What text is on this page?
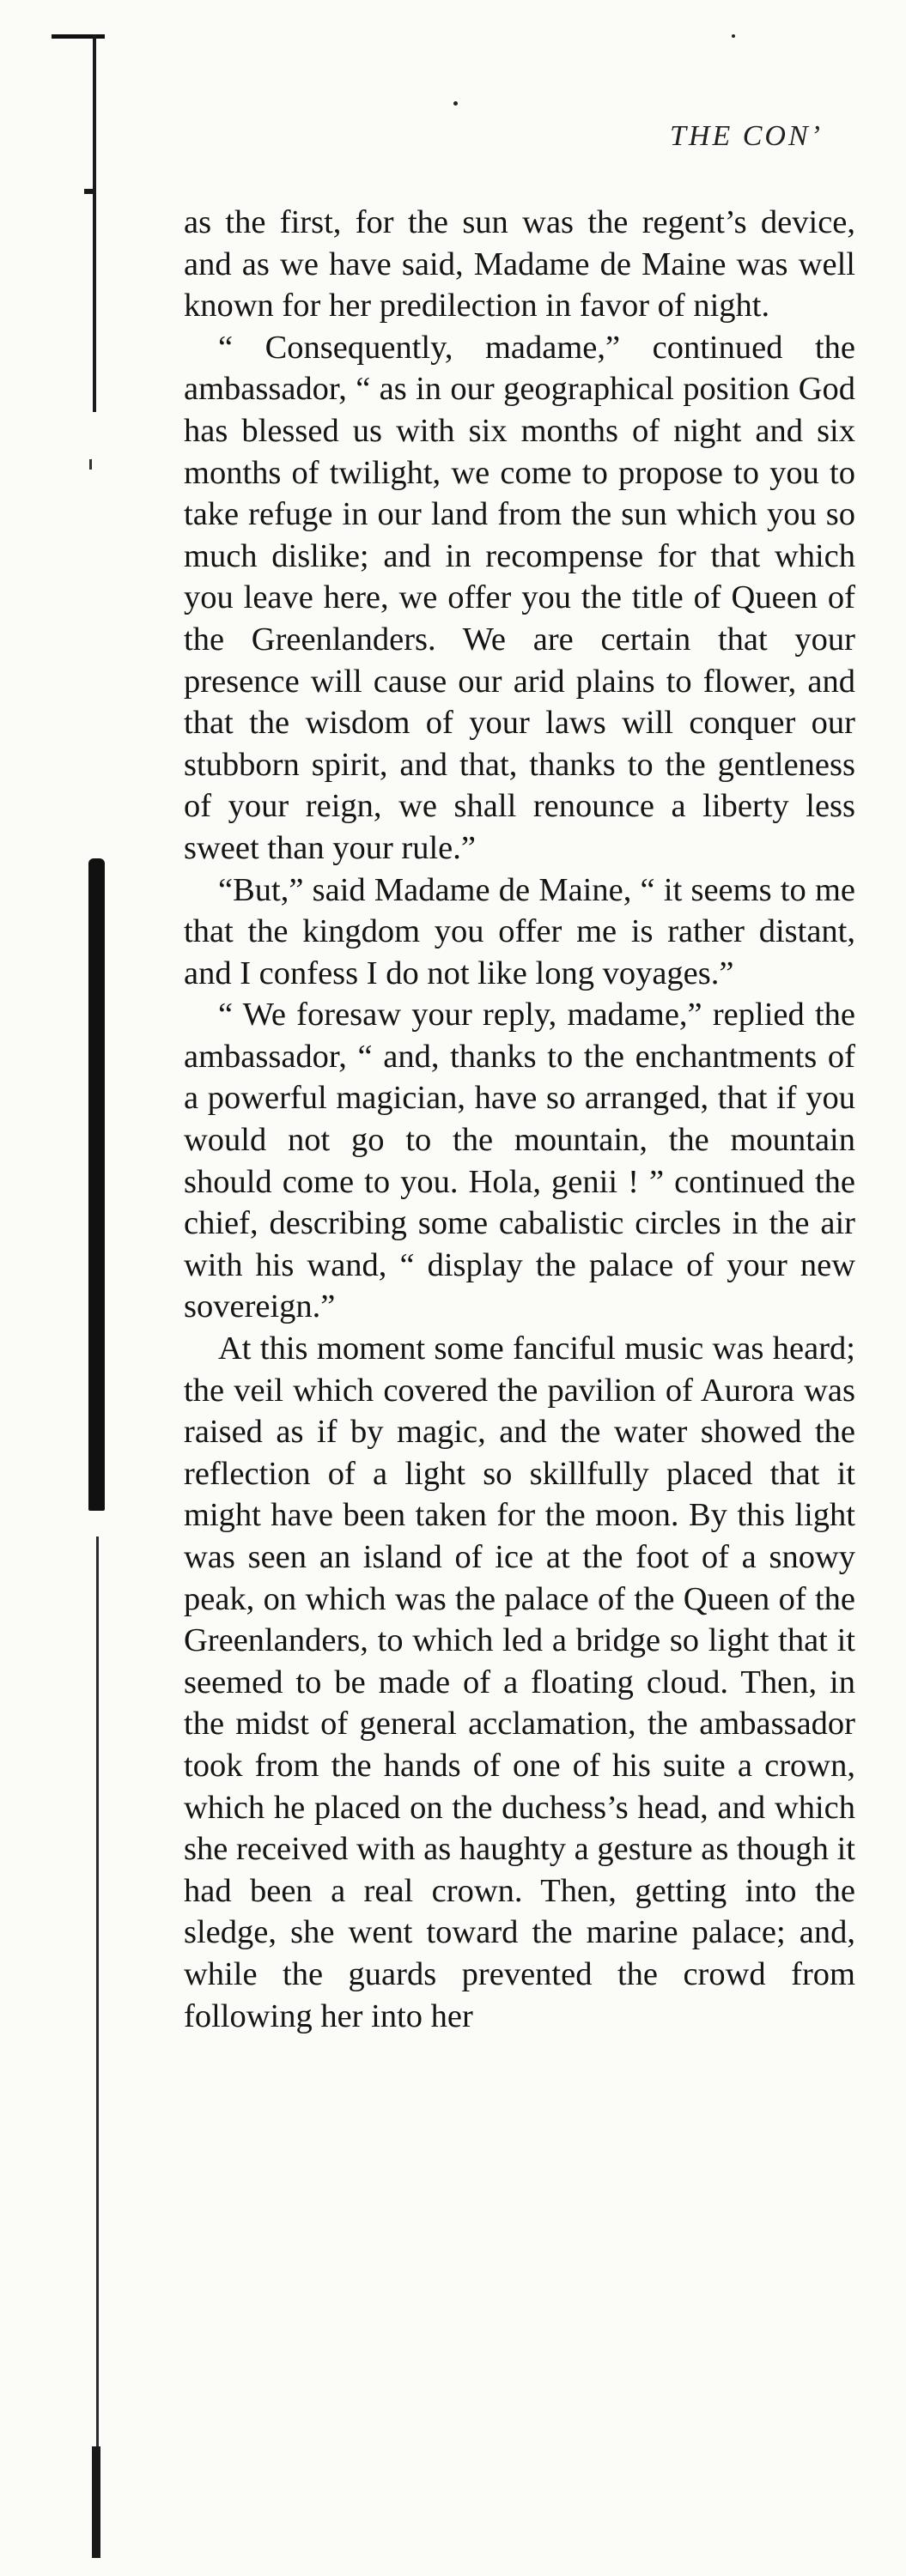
THE CON’

as the first, for the sun was the regent’s device, and as we have said, Madame de Maine was well known for her predilection in favor of night.

“ Consequently, madame,” continued the ambassador, “ as in our geographical position God has blessed us with six months of night and six months of twilight, we come to propose to you to take refuge in our land from the sun which you so much dislike; and in recompense for that which you leave here, we offer you the title of Queen of the Greenlanders. We are certain that your presence will cause our arid plains to flower, and that the wisdom of your laws will conquer our stubborn spirit, and that, thanks to the gentleness of your reign, we shall renounce a liberty less sweet than your rule.”

“But,” said Madame de Maine, “ it seems to me that the kingdom you offer me is rather distant, and I confess I do not like long voyages.”

“ We foresaw your reply, madame,” replied the ambassador, “ and, thanks to the enchantments of a powerful magician, have so arranged, that if you would not go to the mountain, the mountain should come to you. Hola, genii ! ” continued the chief, describing some cabalistic circles in the air with his wand, “ display the palace of your new sovereign.”

At this moment some fanciful music was heard; the veil which covered the pavilion of Aurora was raised as if by magic, and the water showed the reflection of a light so skillfully placed that it might have been taken for the moon. By this light was seen an island of ice at the foot of a snowy peak, on which was the palace of the Queen of the Greenlanders, to which led a bridge so light that it seemed to be made of a floating cloud. Then, in the midst of general acclamation, the ambassador took from the hands of one of his suite a crown, which he placed on the duchess’s head, and which she received with as haughty a gesture as though it had been a real crown. Then, getting into the sledge, she went toward the marine palace; and, while the guards prevented the crowd from following her into her
